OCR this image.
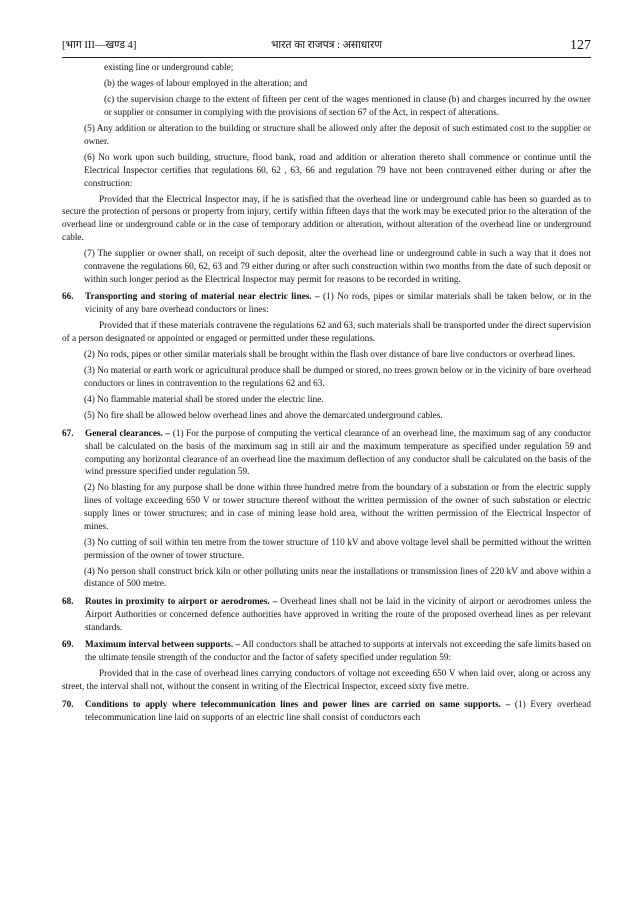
[भाग III—खण्ड 4]	भारत का राजपत्र : असाधारण	127

existing line or underground cable;

(b) the wages of labour employed in the alteration; and

(c) the supervision charge to the extent of fifteen per cent of the wages mentioned in clause (b) and charges incurred by the owner or supplier or consumer in complying with the provisions of section 67 of the Act, in respect of alterations.

(5) Any addition or alteration to the building or structure shall be allowed only after the deposit of such estimated cost to the supplier or owner.

(6) No work upon such building, structure, flood bank, road and addition or alteration thereto shall commence or continue until the Electrical Inspector certifies that regulations 60, 62 , 63, 66 and regulation 79 have not been contravened either during or after the construction:

Provided that the Electrical Inspector may, if he is satisfied that the overhead line or underground cable has been so guarded as to secure the protection of persons or property from injury, certify within fifteen days that the work may be executed prior to the alteration of the overhead line or underground cable or in the case of temporary addition or alteration, without alteration of the overhead line or underground cable.

(7) The supplier or owner shall, on receipt of such deposit, alter the overhead line or underground cable in such a way that it does not contravene the regulations 60, 62, 63 and 79 either during or after such construction within two months from the date of such deposit or within such longer period as the Electrical Inspector may permit for reasons to be recorded in writing.

66. Transporting and storing of material near electric lines. – (1) No rods, pipes or similar materials shall be taken below, or in the vicinity of any bare overhead conductors or lines:

Provided that if these materials contravene the regulations 62 and 63, such materials shall be transported under the direct supervision of a person designated or appointed or engaged or permitted under these regulations.

(2) No rods, pipes or other similar materials shall be brought within the flash over distance of bare live conductors or overhead lines.

(3) No material or earth work or agricultural produce shall be dumped or stored, no trees grown below or in the vicinity of bare overhead conductors or lines in contravention to the regulations 62 and 63.

(4) No flammable material shall be stored under the electric line.

(5) No fire shall be allowed below overhead lines and above the demarcated underground cables.

67. General clearances. – (1) For the purpose of computing the vertical clearance of an overhead line, the maximum sag of any conductor shall be calculated on the basis of the maximum sag in still air and the maximum temperature as specified under regulation 59 and computing any horizontal clearance of an overhead line the maximum deflection of any conductor shall be calculated on the basis of the wind pressure specified under regulation 59.

(2) No blasting for any purpose shall be done within three hundred metre from the boundary of a substation or from the electric supply lines of voltage exceeding 650 V or tower structure thereof without the written permission of the owner of such substation or electric supply lines or tower structures; and in case of mining lease hold area, without the written permission of the Electrical Inspector of mines.

(3) No cutting of soil within ten metre from the tower structure of 110 kV and above voltage level shall be permitted without the written permission of the owner of tower structure.

(4) No person shall construct brick kiln or other polluting units near the installations or transmission lines of 220 kV and above within a distance of 500 metre.

68. Routes in proximity to airport or aerodromes. – Overhead lines shall not be laid in the vicinity of airport or aerodromes unless the Airport Authorities or concerned defence authorities have approved in writing the route of the proposed overhead lines as per relevant standards.

69. Maximum interval between supports. – All conductors shall be attached to supports at intervals not exceeding the safe limits based on the ultimate tensile strength of the conductor and the factor of safety specified under regulation 59:

Provided that in the case of overhead lines carrying conductors of voltage not exceeding 650 V when laid over, along or across any street, the interval shall not, without the consent in writing of the Electrical Inspector, exceed sixty five metre.

70. Conditions to apply where telecommunication lines and power lines are carried on same supports. – (1) Every overhead telecommunication line laid on supports of an electric line shall consist of conductors each
